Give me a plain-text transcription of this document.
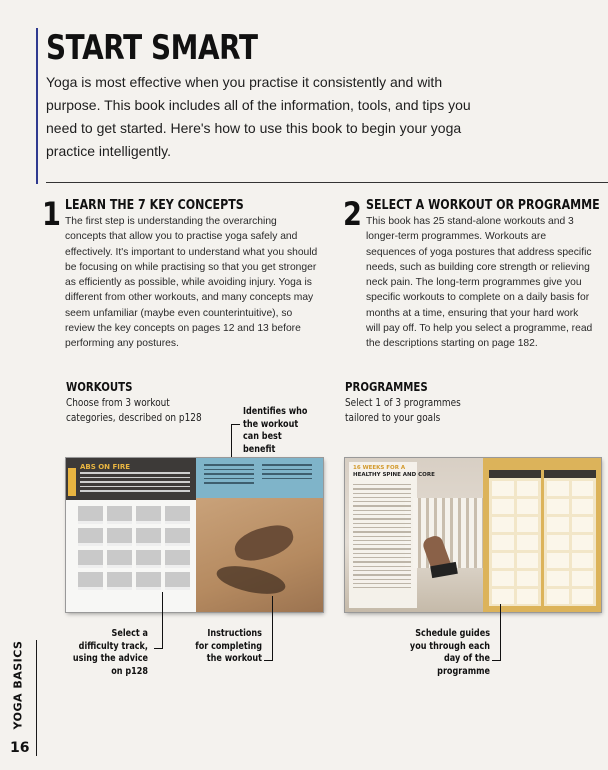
YOGA BASICS
16
START SMART

Yoga is most effective when you practise it consistently and with purpose. This book includes all of the information, tools, and tips you need to get started. Here's how to use this book to begin your yoga practice intelligently.

1 LEARN THE 7 KEY CONCEPTS

The first step is understanding the overarching concepts that allow you to practise yoga safely and effectively. It's important to understand what you should be focusing on while practising so that you get stronger as efficiently as possible, while avoiding injury. Yoga is different from other workouts, and many concepts may seem unfamiliar (maybe even counterintuitive), so review the key concepts on pages 12 and 13 before performing any postures.

2 SELECT A WORKOUT OR PROGRAMME

This book has 25 stand-alone workouts and 3 longer-term programmes. Workouts are sequences of yoga postures that address specific needs, such as building core strength or relieving neck pain. The long-term programmes give you specific workouts to complete on a daily basis for months at a time, ensuring that your hard work will pay off. To help you select a programme, read the descriptions starting on page 182.

WORKOUTS

Choose from 3 workout categories, described on p128

PROGRAMMES

Select 1 of 3 programmes tailored to your goals

Identifies who the workout can best benefit
ABS ON FIRE	16 WEEKS FOR A
HEALTHY SPINE AND CORE
Select a difficulty track, using the advice on p128
Instructions for completing the workout
Schedule guides you through each day of the programme
